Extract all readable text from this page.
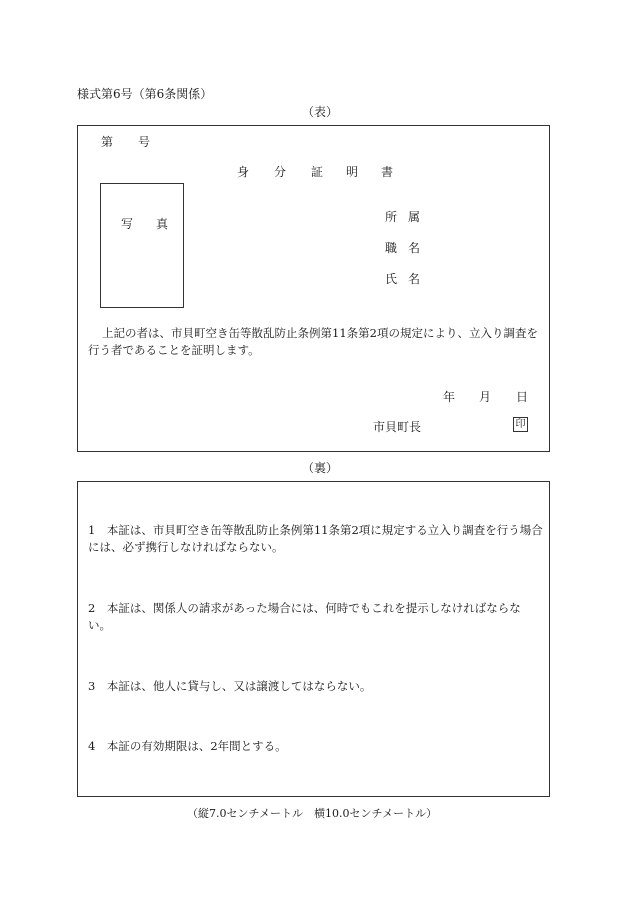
様式第6号（第6条関係）
（表）
第 号
身 分 証 明 書
写 真	所 属
職 名
氏 名
上記の者は、市貝町空き缶等散乱防止条例第11条第2項の規定により、立入り調査を行う者であることを証明します。
年 月 日
市貝町長	印
（裏）
1　 本証は、市貝町空き缶等散乱防止条例第11条第2項に規定する立入り調査を行う場合には、必ず携行しなければならない。
2　 本証は、関係人の請求があった場合には、何時でもこれを提示しなければならない。
3　 本証は、他人に貸与し、又は譲渡してはならない。
4　 本証の有効期限は、2年間とする。
（縦7.0センチメートル　横10.0センチメートル）
